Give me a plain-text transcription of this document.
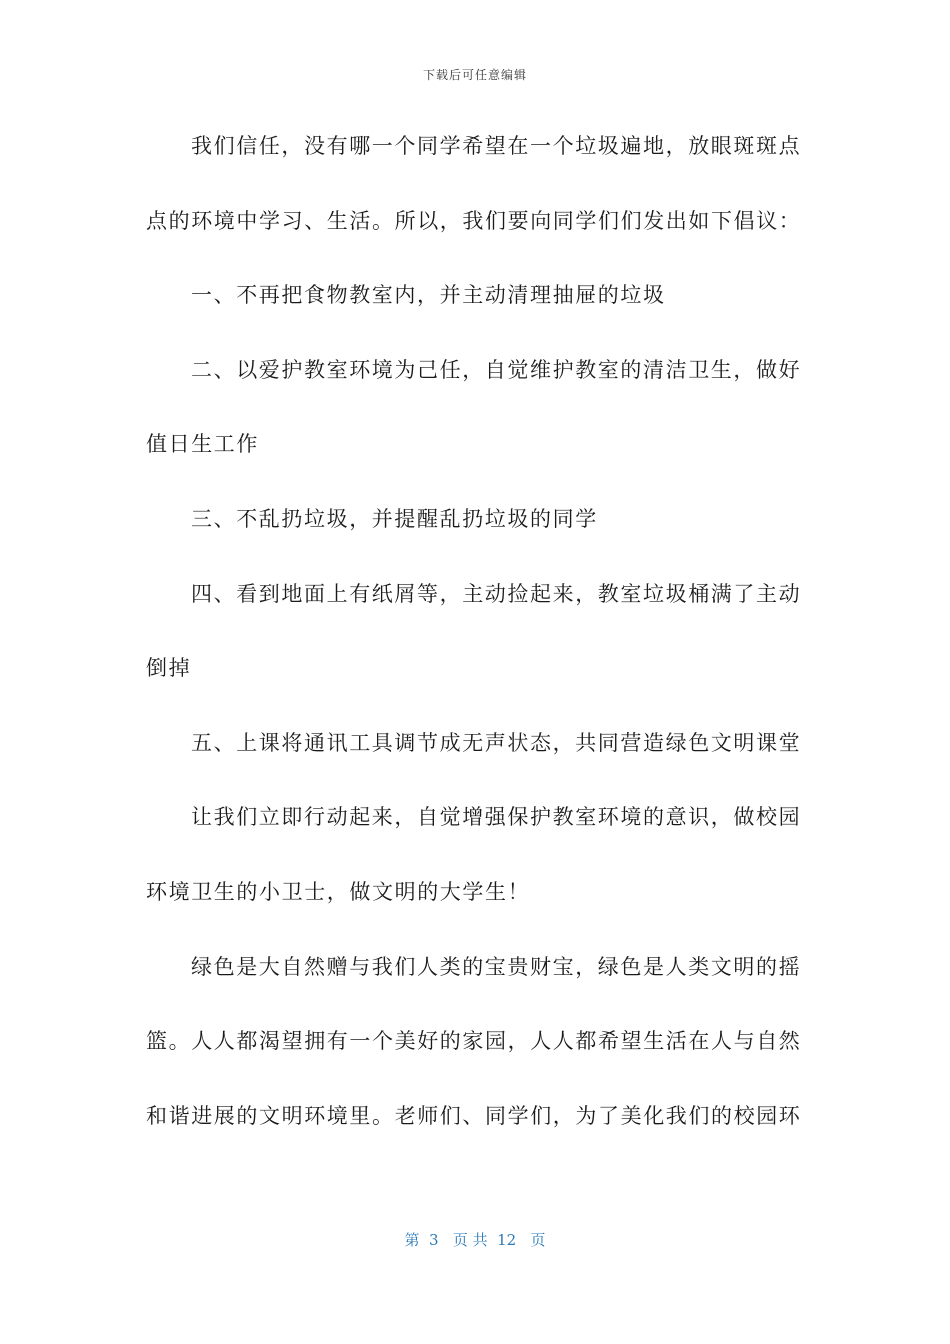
下载后可任意编辑
我们信任，没有哪一个同学希望在一个垃圾遍地，放眼斑斑点
点的环境中学习、生活。所以，我们要向同学们们发出如下倡议：
一、不再把食物教室内，并主动清理抽屉的垃圾
二、以爱护教室环境为己任，自觉维护教室的清洁卫生，做好
值日生工作
三、不乱扔垃圾，并提醒乱扔垃圾的同学
四、看到地面上有纸屑等，主动捡起来，教室垃圾桶满了主动
倒掉
五、上课将通讯工具调节成无声状态，共同营造绿色文明课堂
让我们立即行动起来，自觉增强保护教室环境的意识，做校园
环境卫生的小卫士，做文明的大学生！
绿色是大自然赠与我们人类的宝贵财宝，绿色是人类文明的摇
篮。人人都渴望拥有一个美好的家园，人人都希望生活在人与自然
和谐进展的文明环境里。老师们、同学们，为了美化我们的校园环
第  3   页 共  12   页
